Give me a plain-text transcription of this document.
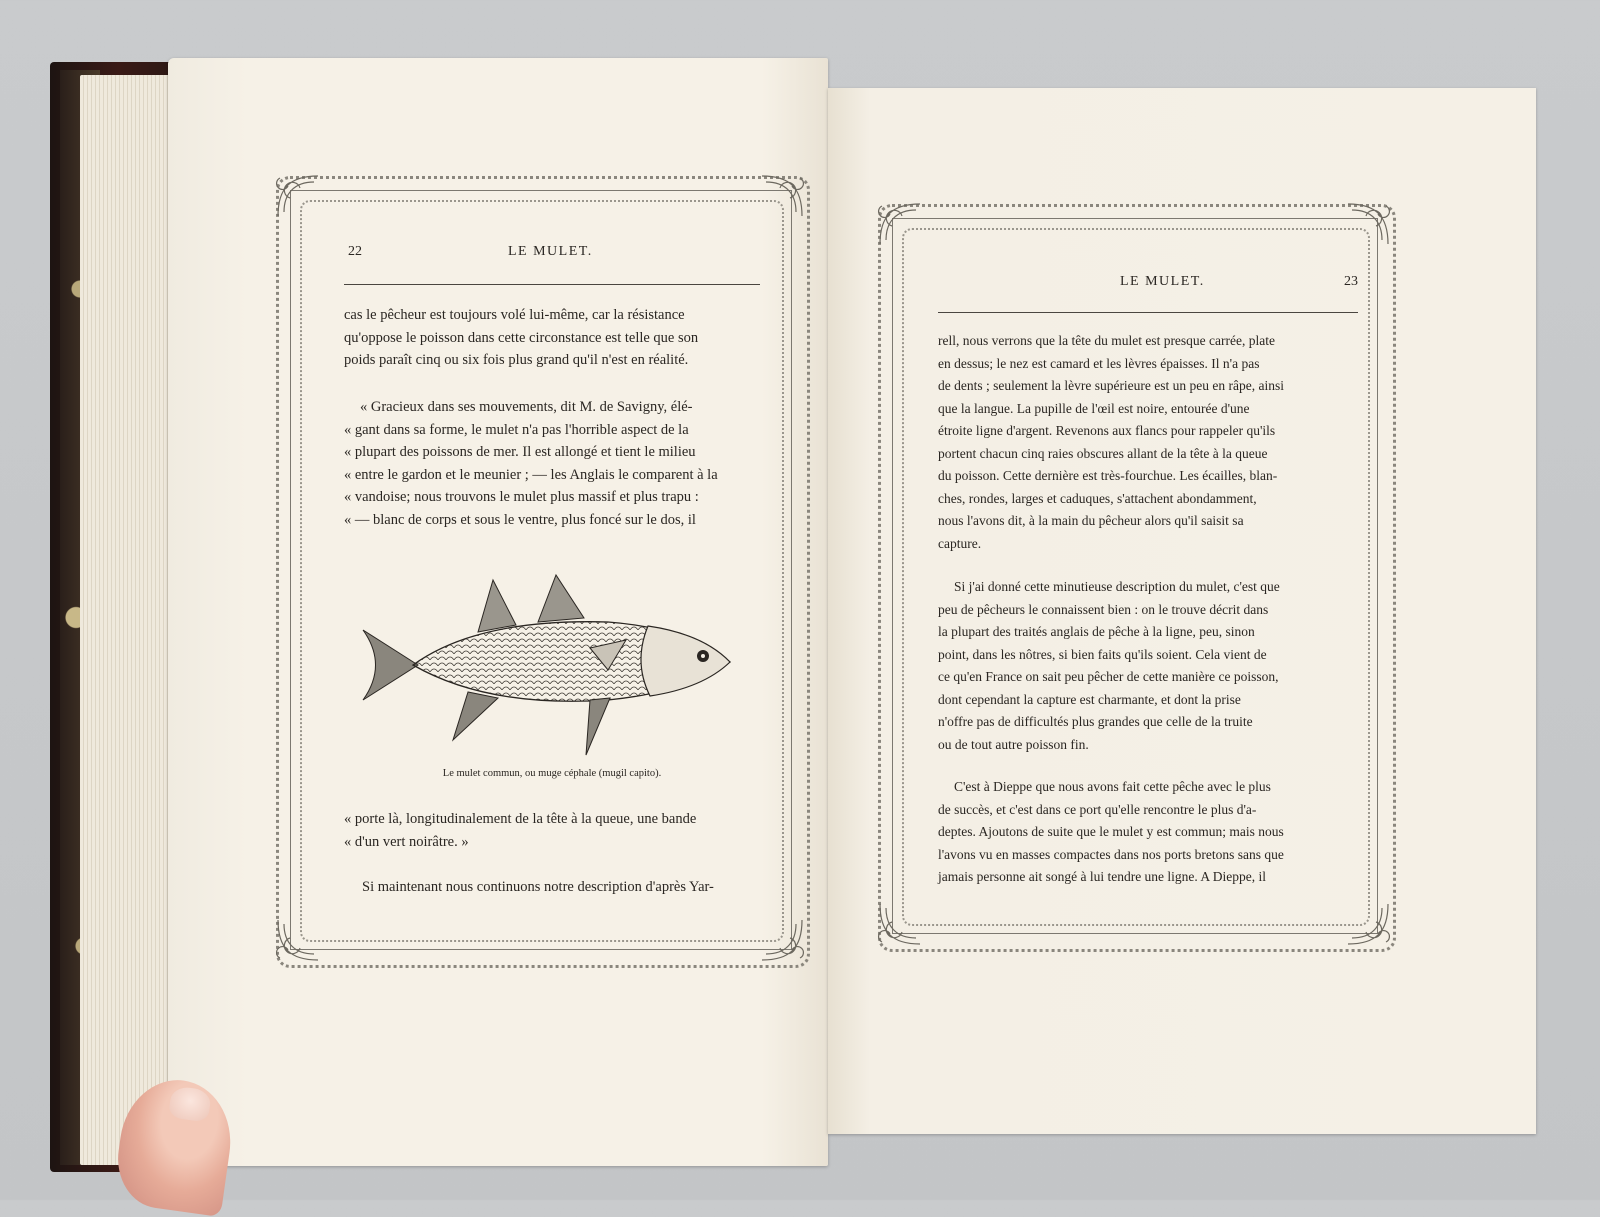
22	LE MULET.

cas le pêcheur est toujours volé lui-même, car la résistance

qu'oppose le poisson dans cette circonstance est telle que son

poids paraît cinq ou six fois plus grand qu'il n'est en réalité.

« Gracieux dans ses mouvements, dit M. de Savigny, élé-

« gant dans sa forme, le mulet n'a pas l'horrible aspect de la

« plupart des poissons de mer. Il est allongé et tient le milieu

« entre le gardon et le meunier ; — les Anglais le comparent à la

« vandoise; nous trouvons le mulet plus massif et plus trapu :

« — blanc de corps et sous le ventre, plus foncé sur le dos, il

Le mulet commun, ou muge céphale (mugil capito).

« porte là, longitudinalement de la tête à la queue, une bande

« d'un vert noirâtre. »

Si maintenant nous continuons notre description d'après Yar-

LE MULET.	23

rell, nous verrons que la tête du mulet est presque carrée, plate

en dessus; le nez est camard et les lèvres épaisses. Il n'a pas

de dents ; seulement la lèvre supérieure est un peu en râpe, ainsi

que la langue. La pupille de l'œil est noire, entourée d'une

étroite ligne d'argent. Revenons aux flancs pour rappeler qu'ils

portent chacun cinq raies obscures allant de la tête à la queue

du poisson. Cette dernière est très-fourchue. Les écailles, blan-

ches, rondes, larges et caduques, s'attachent abondamment,

nous l'avons dit, à la main du pêcheur alors qu'il saisit sa

capture.

Si j'ai donné cette minutieuse description du mulet, c'est que

peu de pêcheurs le connaissent bien : on le trouve décrit dans

la plupart des traités anglais de pêche à la ligne, peu, sinon

point, dans les nôtres, si bien faits qu'ils soient. Cela vient de

ce qu'en France on sait peu pêcher de cette manière ce poisson,

dont cependant la capture est charmante, et dont la prise

n'offre pas de difficultés plus grandes que celle de la truite

ou de tout autre poisson fin.

C'est à Dieppe que nous avons fait cette pêche avec le plus

de succès, et c'est dans ce port qu'elle rencontre le plus d'a-

deptes. Ajoutons de suite que le mulet y est commun; mais nous

l'avons vu en masses compactes dans nos ports bretons sans que

jamais personne ait songé à lui tendre une ligne. A Dieppe, il
